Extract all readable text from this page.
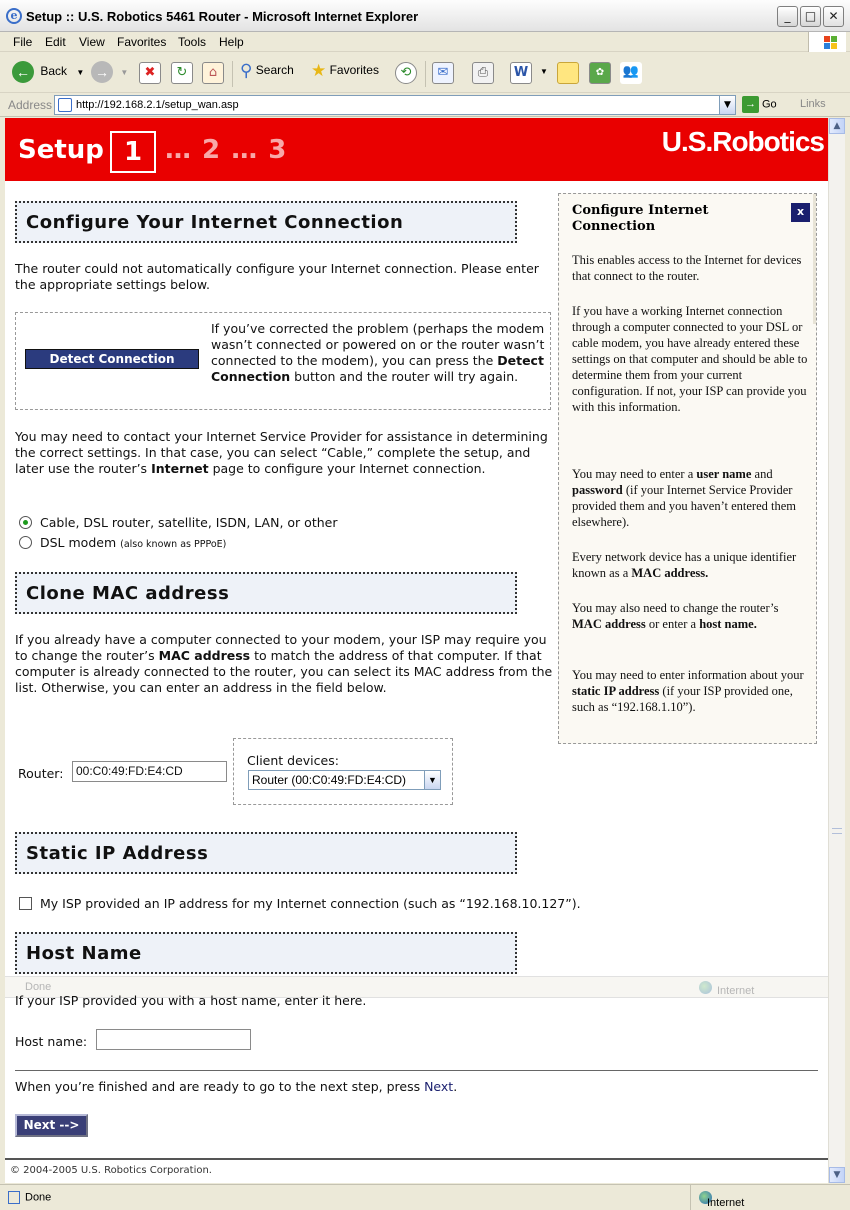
e Setup :: U.S. Robotics 5461 Router - Microsoft Internet Explorer	_	□	✕
File Edit View Favorites Tools Help
← Back ▼ → ▼	✖	↻	⌂	⚲ Search ★ Favorites	⟲	✉	⎙	W	▼	✿	👥
Address http://192.168.2.1/setup_wan.asp	▼	→ Go Links
Setup 1 … 2 … 3	U.S.Robotics
Configure Your Internet Connection
The router could not automatically configure your Internet connection. Please enter the appropriate settings below.
Detect Connection
If you’ve corrected the problem (perhaps the modem wasn’t connected or powered on or the router wasn’t connected to the modem), you can press the Detect Connection button and the router will try again.
You may need to contact your Internet Service Provider for assistance in determining the correct settings. In that case, you can select “Cable,” complete the setup, and later use the router’s Internet page to configure your Internet connection.
Cable, DSL router, satellite, ISDN, LAN, or other
DSL modem (also known as PPPoE)
Clone MAC address
If you already have a computer connected to your modem, your ISP may require you to change the router’s MAC address to match the address of that computer. If that computer is already connected to the router, you can select its MAC address from the list. Otherwise, you can enter an address in the field below.
Router:	00:C0:49:FD:E4:CD
Client devices:
Router (00:C0:49:FD:E4:CD)	▼
Static IP Address
My ISP provided an IP address for my Internet connection (such as “192.168.10.127”).
Host Name
Done	Internet
If your ISP provided you with a host name, enter it here.
Host name:
When you’re finished and are ready to go to the next step, press Next.
Next -->
© 2004-2005 U.S. Robotics Corporation.
Configure Internet Connection
x
This enables access to the Internet for devices that connect to the router.
If you have a working Internet connection through a computer connected to your DSL or cable modem, you have already entered these settings on that computer and should be able to determine them from your current configuration. If not, your ISP can provide you with this information.
You may need to enter a user name and password (if your Internet Service Provider provided them and you haven’t entered them elsewhere).
Every network device has a unique identifier known as a MAC address.
You may also need to change the router’s MAC address or enter a host name.
You may need to enter information about your static IP address (if your ISP provided one, such as “192.168.1.10”).
▲
▼
Done	Internet
